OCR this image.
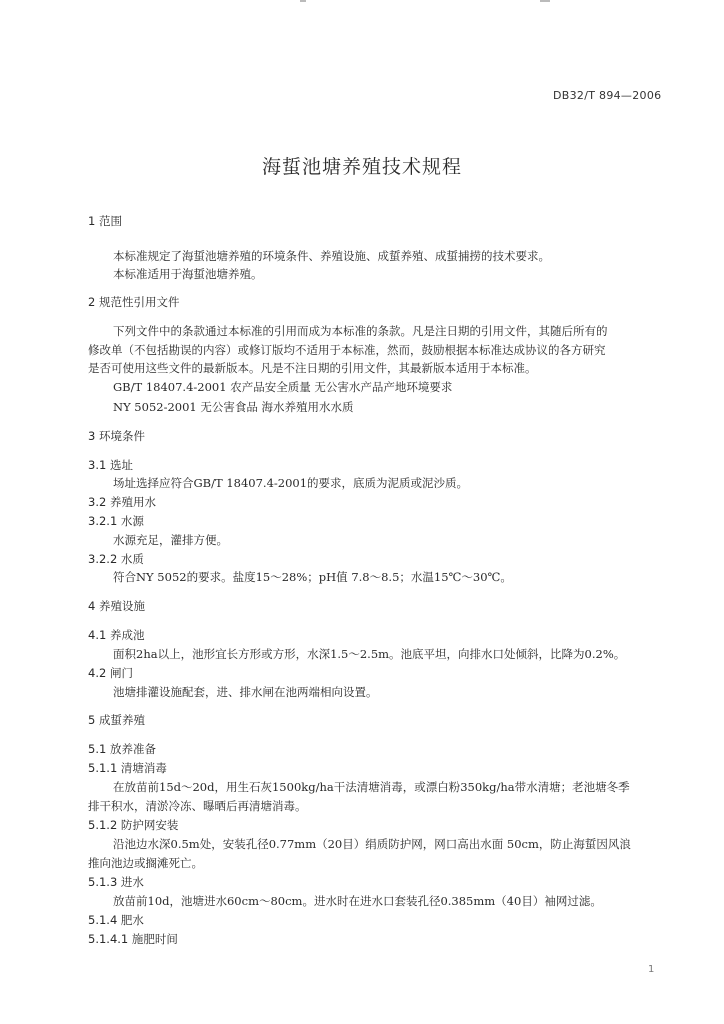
DB32/T 894—2006
海蜇池塘养殖技术规程
1 范围
本标准规定了海蜇池塘养殖的环境条件、养殖设施、成蜇养殖、成蜇捕捞的技术要求。
本标准适用于海蜇池塘养殖。
2 规范性引用文件
下列文件中的条款通过本标准的引用而成为本标准的条款。凡是注日期的引用文件，其随后所有的
修改单（不包括勘误的内容）或修订版均不适用于本标准，然而，鼓励根据本标准达成协议的各方研究
是否可使用这些文件的最新版本。凡是不注日期的引用文件，其最新版本适用于本标准。
GB/T 18407.4-2001 农产品安全质量 无公害水产品产地环境要求
NY 5052-2001 无公害食品 海水养殖用水水质
3 环境条件
3.1 选址
场址选择应符合GB/T 18407.4-2001的要求，底质为泥质或泥沙质。
3.2 养殖用水
3.2.1 水源
水源充足，灌排方便。
3.2.2 水质
符合NY 5052的要求。盐度15～28%；pH值 7.8～8.5；水温15℃～30℃。
4 养殖设施
4.1 养成池
面积2ha以上，池形宜长方形或方形，水深1.5～2.5m。池底平坦，向排水口处倾斜，比降为0.2%。
4.2 闸门
池塘排灌设施配套，进、排水闸在池两端相向设置。
5 成蜇养殖
5.1 放养准备
5.1.1 清塘消毒
在放苗前15d～20d，用生石灰1500kg/ha干法清塘消毒，或漂白粉350kg/ha带水清塘；老池塘冬季
排干积水，清淤冷冻、曝晒后再清塘消毒。
5.1.2 防护网安装
沿池边水深0.5m处，安装孔径0.77mm（20目）绢质防护网，网口高出水面 50cm，防止海蜇因风浪
推向池边或搁滩死亡。
5.1.3 进水
放苗前10d，池塘进水60cm～80cm。进水时在进水口套装孔径0.385mm（40目）袖网过滤。
5.1.4 肥水
5.1.4.1 施肥时间
1
